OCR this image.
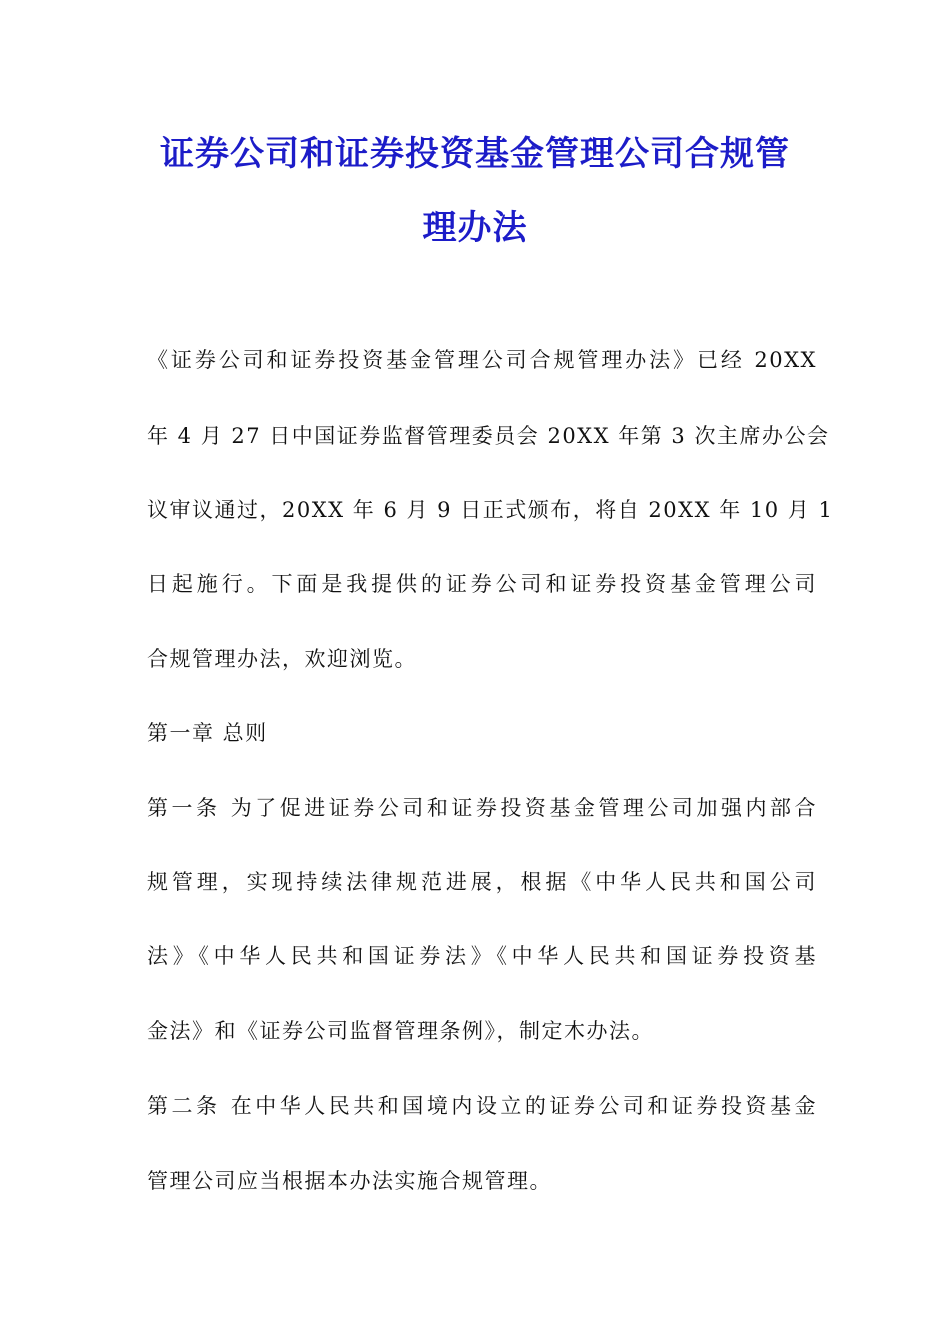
证券公司和证券投资基金管理公司合规管
理办法
《证券公司和证券投资基金管理公司合规管理办法》已经 20XX
年 4 月 27 日中国证券监督管理委员会 20XX 年第 3 次主席办公会
议审议通过，20XX 年 6 月 9 日正式颁布，将自 20XX 年 10 月 1
日起施行。下面是我提供的证券公司和证券投资基金管理公司
合规管理办法，欢迎浏览。
第一章 总则
第一条 为了促进证券公司和证券投资基金管理公司加强内部合
规管理，实现持续法律规范进展，根据《中华人民共和国公司
法》《中华人民共和国证券法》《中华人民共和国证券投资基
金法》和《证券公司监督管理条例》，制定木办法。
第二条 在中华人民共和国境内设立的证券公司和证券投资基金
管理公司应当根据本办法实施合规管理。
